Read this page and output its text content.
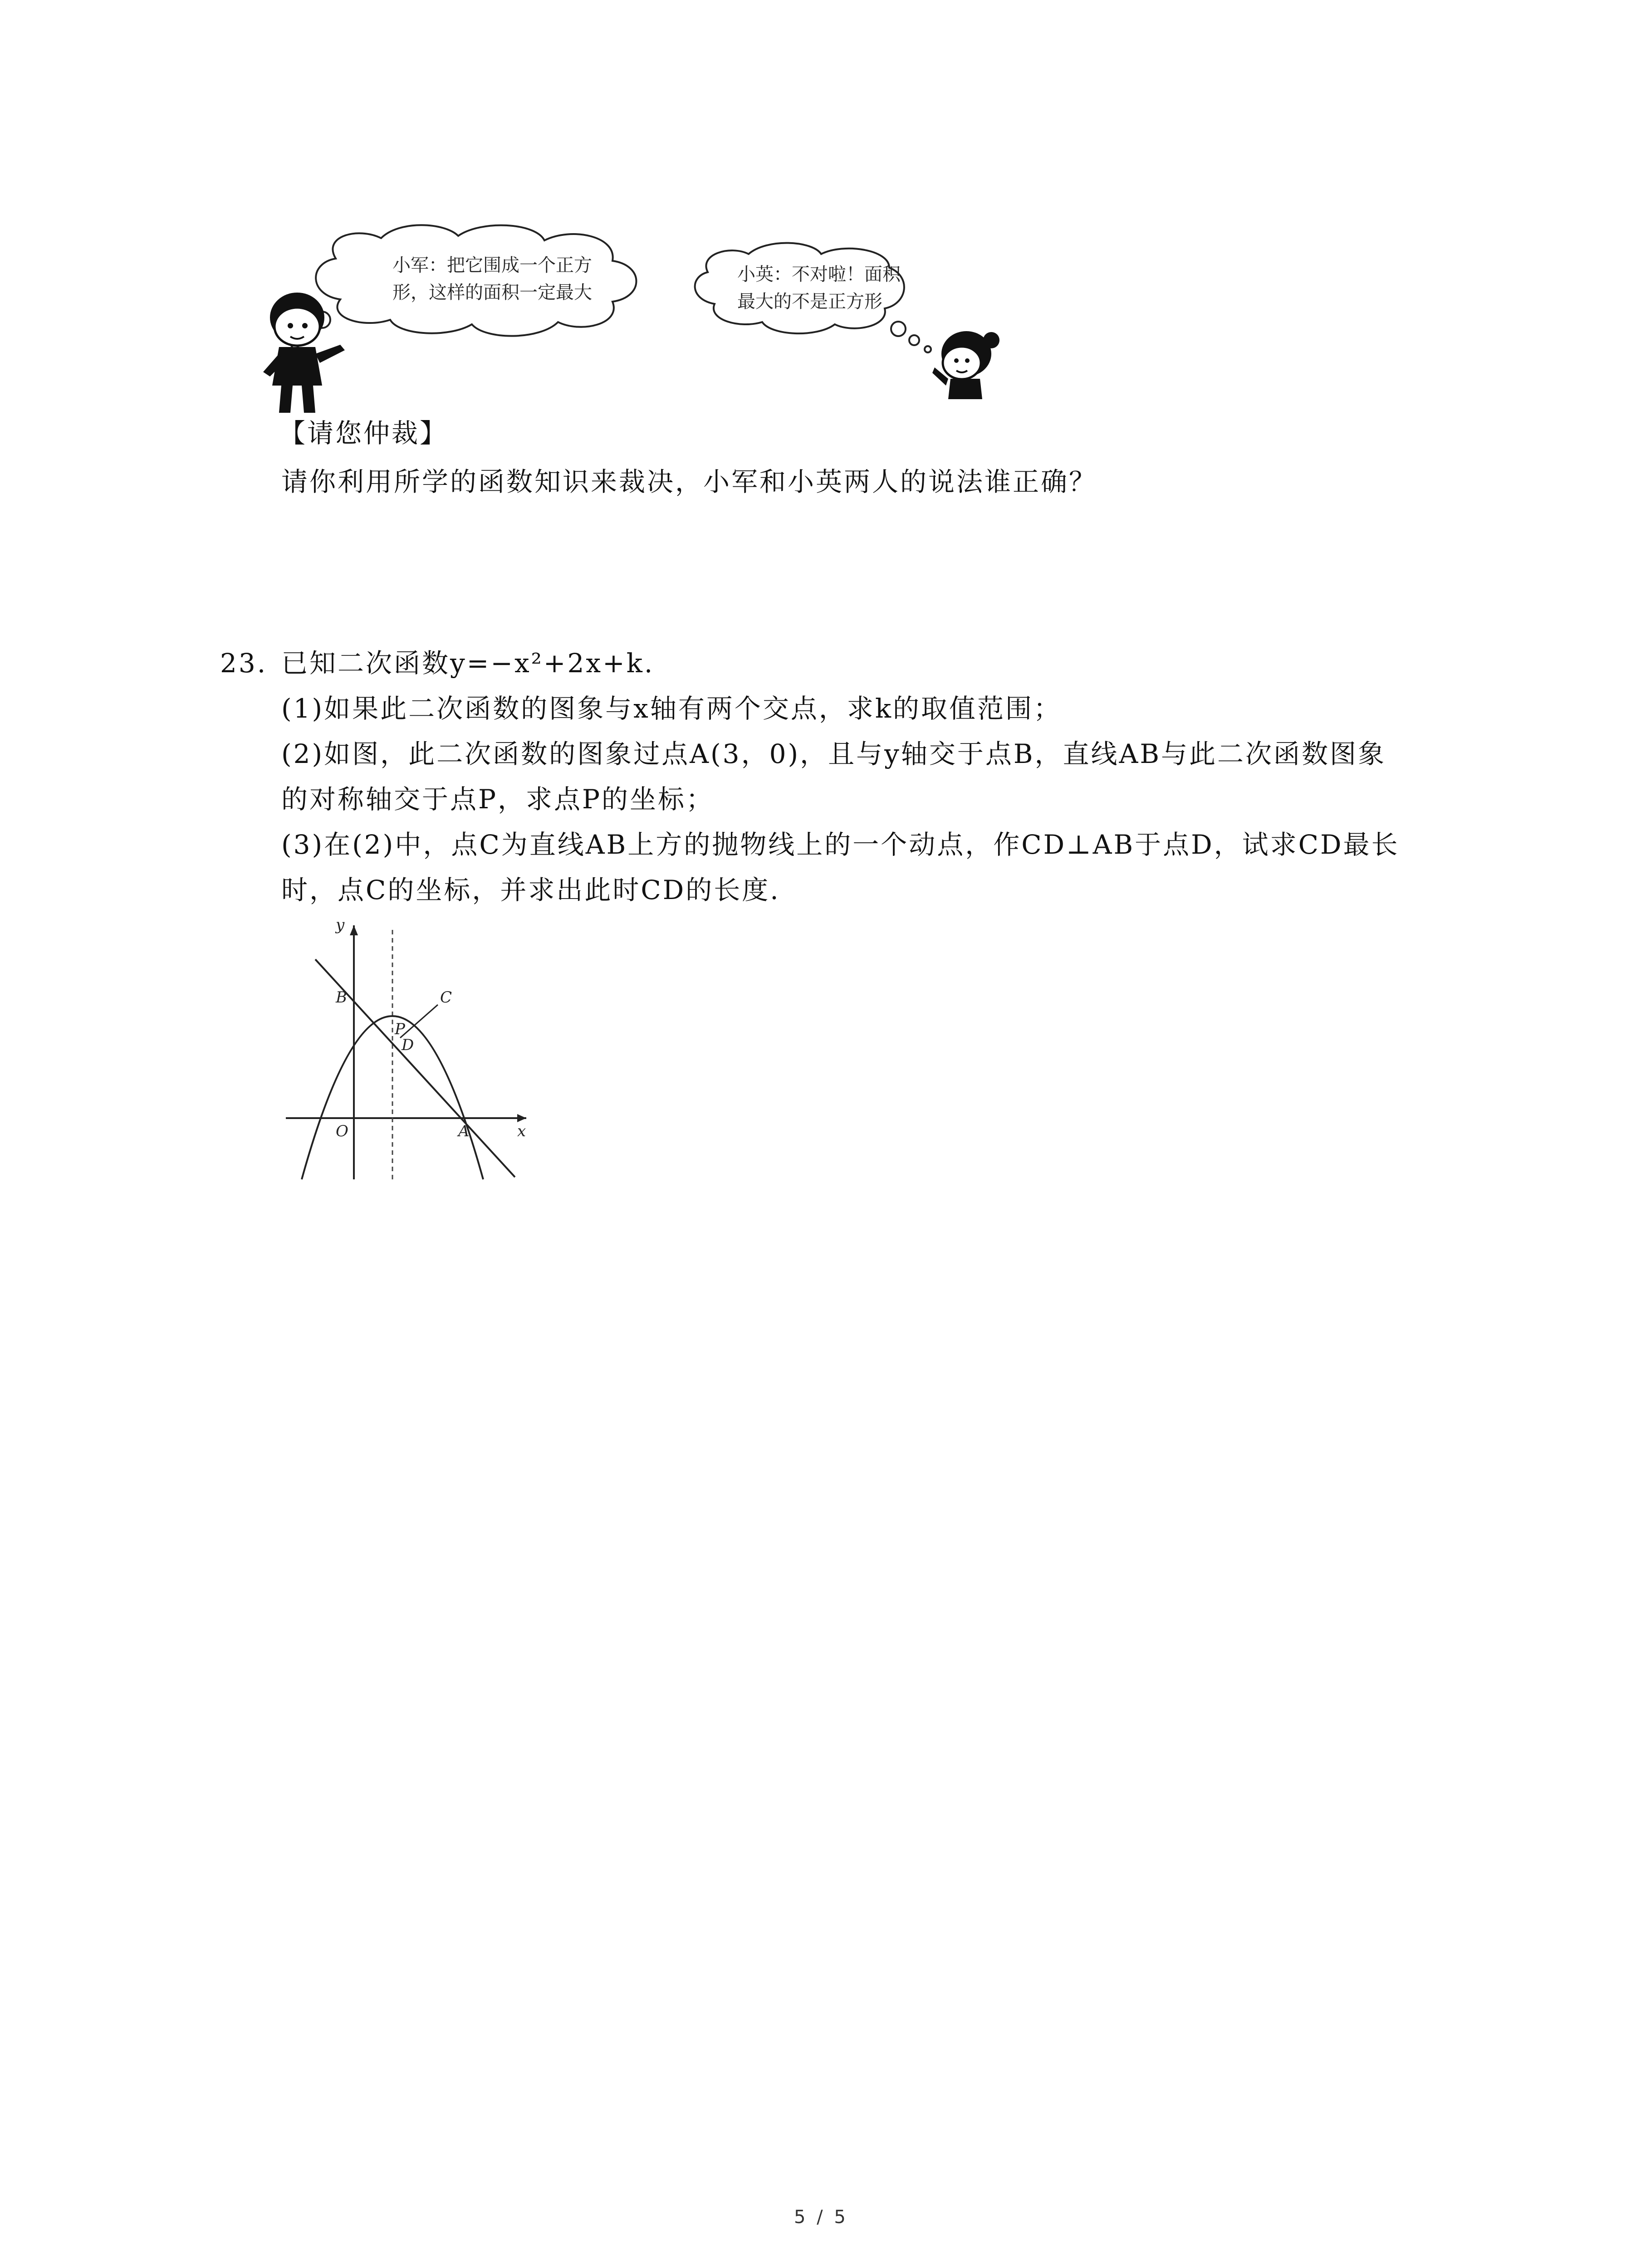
小军：把它围成一个正方
形，这样的面积一定最大
小英：不对啦！面积
最大的不是正方形
【请您仲裁】
请你利用所学的函数知识来裁决，小军和小英两人的说法谁正确？
23. 已知二次函数y=−x²+2x+k.
(1)如果此二次函数的图象与x轴有两个交点，求k的取值范围；
(2)如图，此二次函数的图象过点A(3，0)，且与y轴交于点B，直线AB与此二次函数图象
的对称轴交于点P，求点P的坐标；
(3)在(2)中，点C为直线AB上方的抛物线上的一个动点，作CD⊥AB于点D，试求CD最长
时，点C的坐标，并求出此时CD的长度.
y
x
O	A
B	C
P
D
5 / 5
